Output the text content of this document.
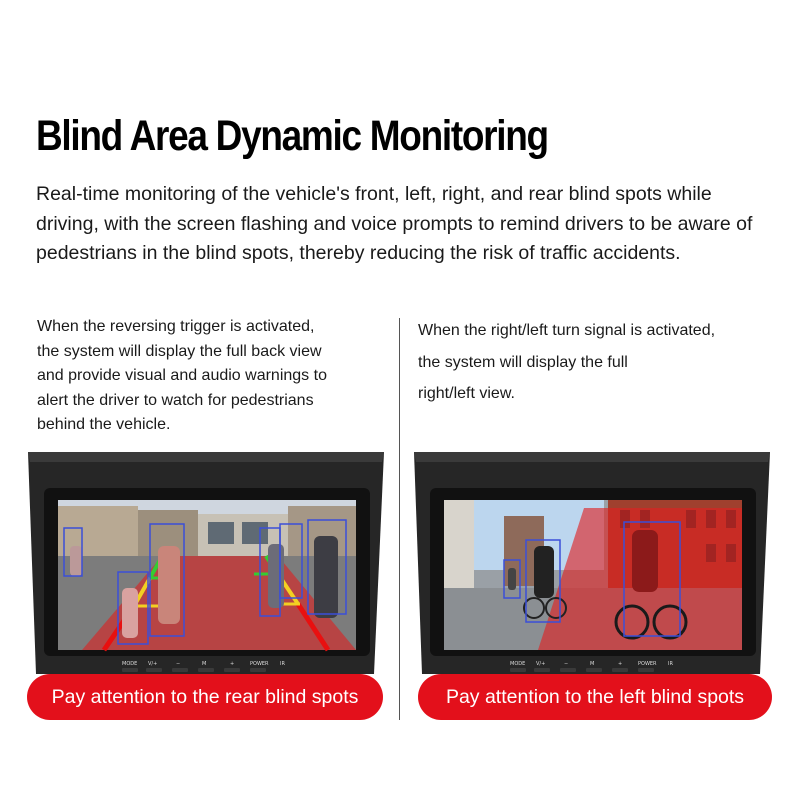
Blind Area Dynamic Monitoring
Real-time monitoring of the vehicle's front, left, right, and rear blind spots while driving, with the screen flashing and voice prompts to remind drivers to be aware of pedestrians in the blind spots, thereby reducing the risk of traffic accidents.
When the reversing trigger is activated,
the system will display the full back view
and provide visual and audio warnings to
alert the driver to watch for pedestrians
behind the vehicle.
When the right/left turn signal is activated,
the system will display the full
right/left view.
MODE V/+	−	M	+	POWER IR	MODE V/+	−	M	+	POWER IR
Pay attention to the rear blind spots	Pay attention to the left blind spots
